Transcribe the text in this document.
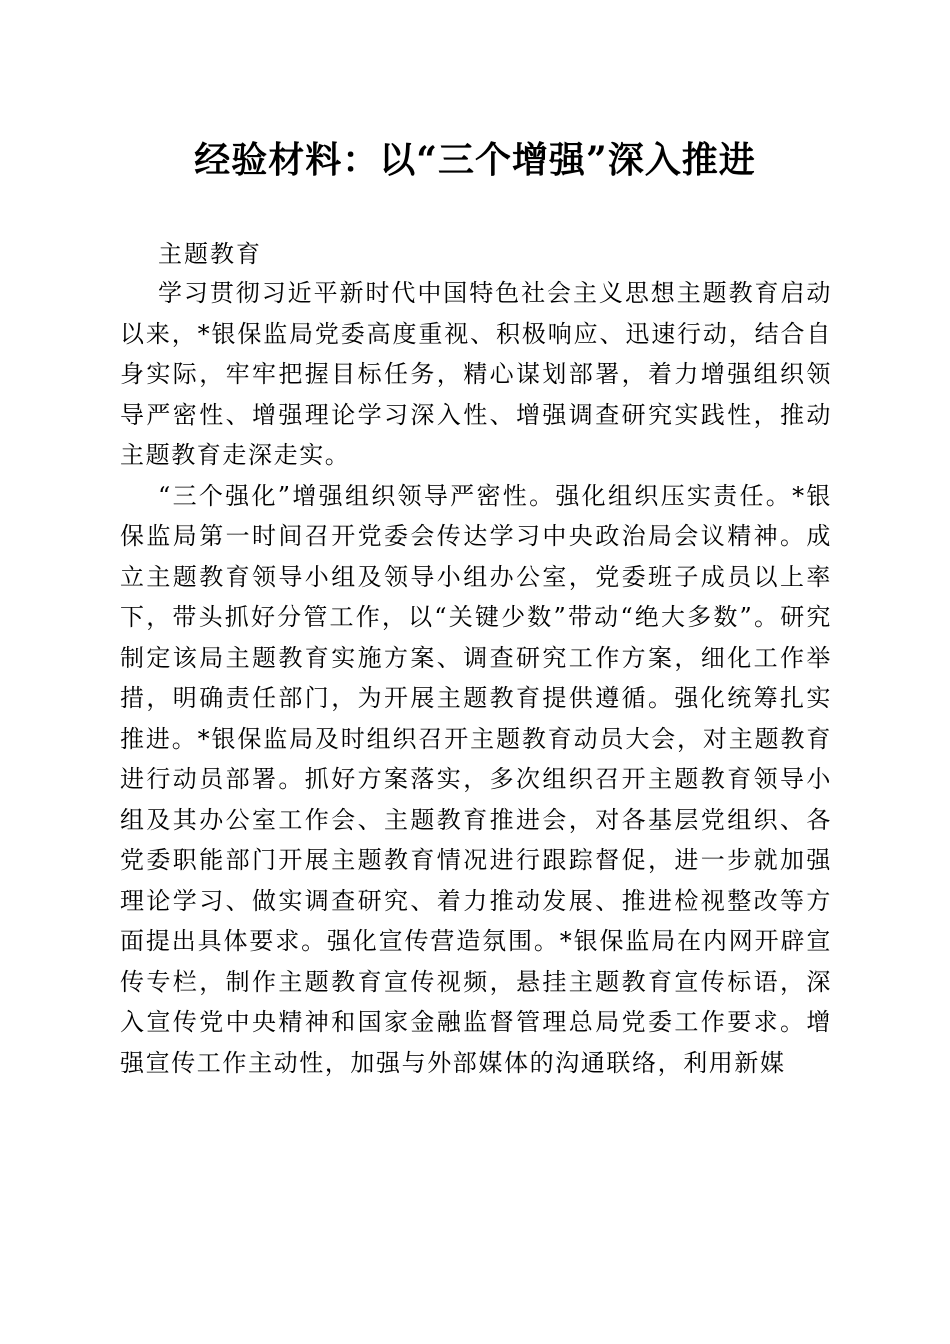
经验材料：以“三个增强”深入推进
主题教育

学习贯彻习近平新时代中国特色社会主义思想主题教育启动以来，*银保监局党委高度重视、积极响应、迅速行动，结合自身实际，牢牢把握目标任务，精心谋划部署，着力增强组织领导严密性、增强理论学习深入性、增强调查研究实践性，推动主题教育走深走实。

“三个强化”增强组织领导严密性。强化组织压实责任。*银保监局第一时间召开党委会传达学习中央政治局会议精神。成立主题教育领导小组及领导小组办公室，党委班子成员以上率下，带头抓好分管工作，以“关键少数”带动“绝大多数”。研究制定该局主题教育实施方案、调查研究工作方案，细化工作举措，明确责任部门，为开展主题教育提供遵循。强化统筹扎实推进。*银保监局及时组织召开主题教育动员大会，对主题教育进行动员部署。抓好方案落实，多次组织召开主题教育领导小组及其办公室工作会、主题教育推进会，对各基层党组织、各党委职能部门开展主题教育情况进行跟踪督促，进一步就加强理论学习、做实调查研究、着力推动发展、推进检视整改等方面提出具体要求。强化宣传营造氛围。*银保监局在内网开辟宣传专栏，制作主题教育宣传视频，悬挂主题教育宣传标语，深入宣传党中央精神和国家金融监督管理总局党委工作要求。增强宣传工作主动性，加强与外部媒体的沟通联络，利用新媒
